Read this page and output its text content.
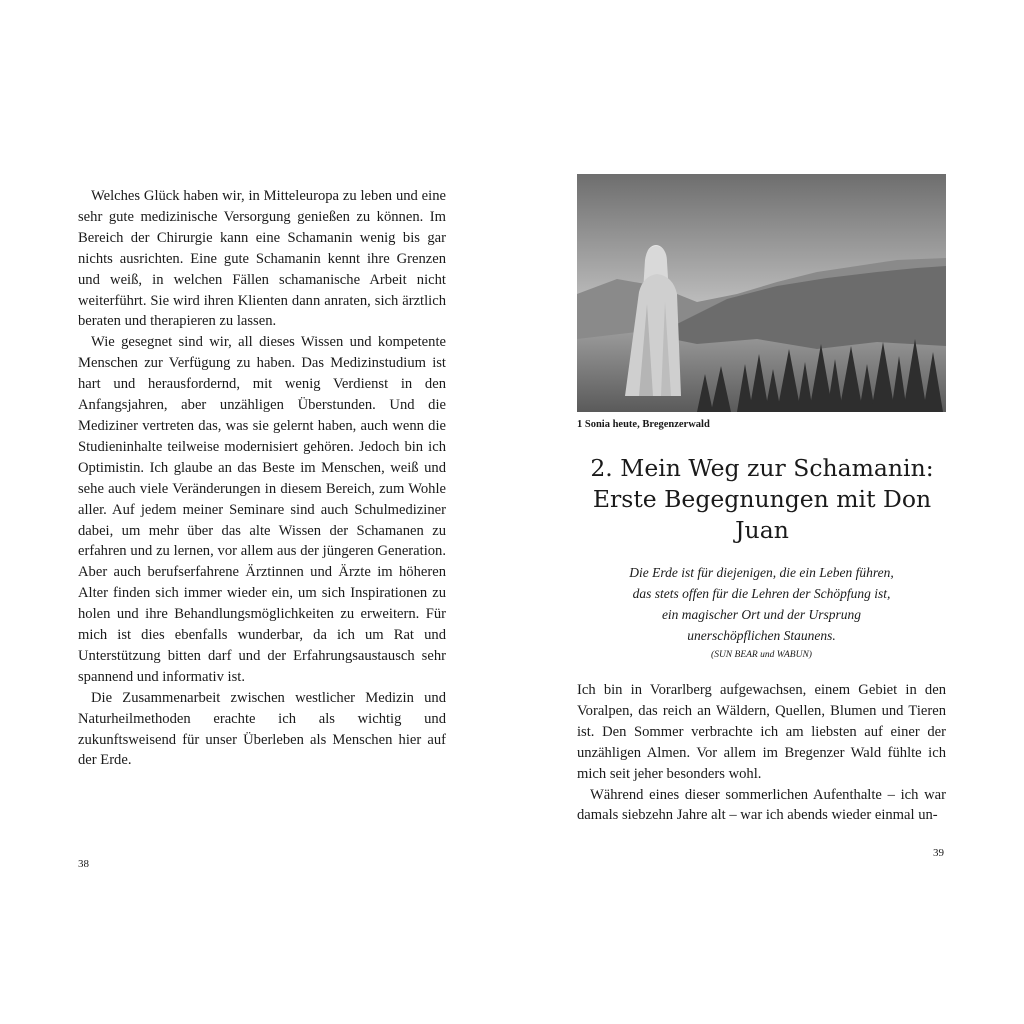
Welches Glück haben wir, in Mitteleuropa zu leben und eine sehr gute medizinische Versorgung genießen zu können. Im Bereich der Chirurgie kann eine Schamanin wenig bis gar nichts ausrichten. Eine gute Schamanin kennt ihre Grenzen und weiß, in welchen Fällen schamanische Arbeit nicht weiterführt. Sie wird ihren Klienten dann anraten, sich ärztlich beraten und therapieren zu lassen.

Wie gesegnet sind wir, all dieses Wissen und kompetente Menschen zur Verfügung zu haben. Das Medizinstudium ist hart und herausfordernd, mit wenig Verdienst in den Anfangsjahren, aber unzähligen Überstunden. Und die Mediziner vertreten das, was sie gelernt haben, auch wenn die Studieninhalte teilweise modernisiert gehören. Jedoch bin ich Optimistin. Ich glaube an das Beste im Menschen, weiß und sehe auch viele Veränderungen in diesem Bereich, zum Wohle aller. Auf jedem meiner Seminare sind auch Schulmediziner dabei, um mehr über das alte Wissen der Schamanen zu erfahren und zu lernen, vor allem aus der jüngeren Generation. Aber auch berufserfahrene Ärztinnen und Ärzte im höheren Alter finden sich immer wieder ein, um sich Inspirationen zu holen und ihre Behandlungsmöglichkeiten zu erweitern. Für mich ist dies ebenfalls wunderbar, da ich um Rat und Unterstützung bitten darf und der Erfahrungsaustausch sehr spannend und informativ ist.

Die Zusammenarbeit zwischen westlicher Medizin und Naturheilmethoden erachte ich als wichtig und zukunftsweisend für unser Überleben als Menschen hier auf der Erde.

38
1 Sonia heute, Bregenzerwald
2. Mein Weg zur Schamanin:
Erste Begegnungen mit Don Juan
Die Erde ist für diejenigen, die ein Leben führen,
das stets offen für die Lehren der Schöpfung ist,
ein magischer Ort und der Ursprung
unerschöpflichen Staunens.
(SUN BEAR und WABUN)

Ich bin in Vorarlberg aufgewachsen, einem Gebiet in den Voralpen, das reich an Wäldern, Quellen, Blumen und Tieren ist. Den Sommer verbrachte ich am liebsten auf einer der unzähligen Almen. Vor allem im Bregenzer Wald fühlte ich mich seit jeher besonders wohl.

Während eines dieser sommerlichen Aufenthalte – ich war damals siebzehn Jahre alt – war ich abends wieder einmal un-

39
